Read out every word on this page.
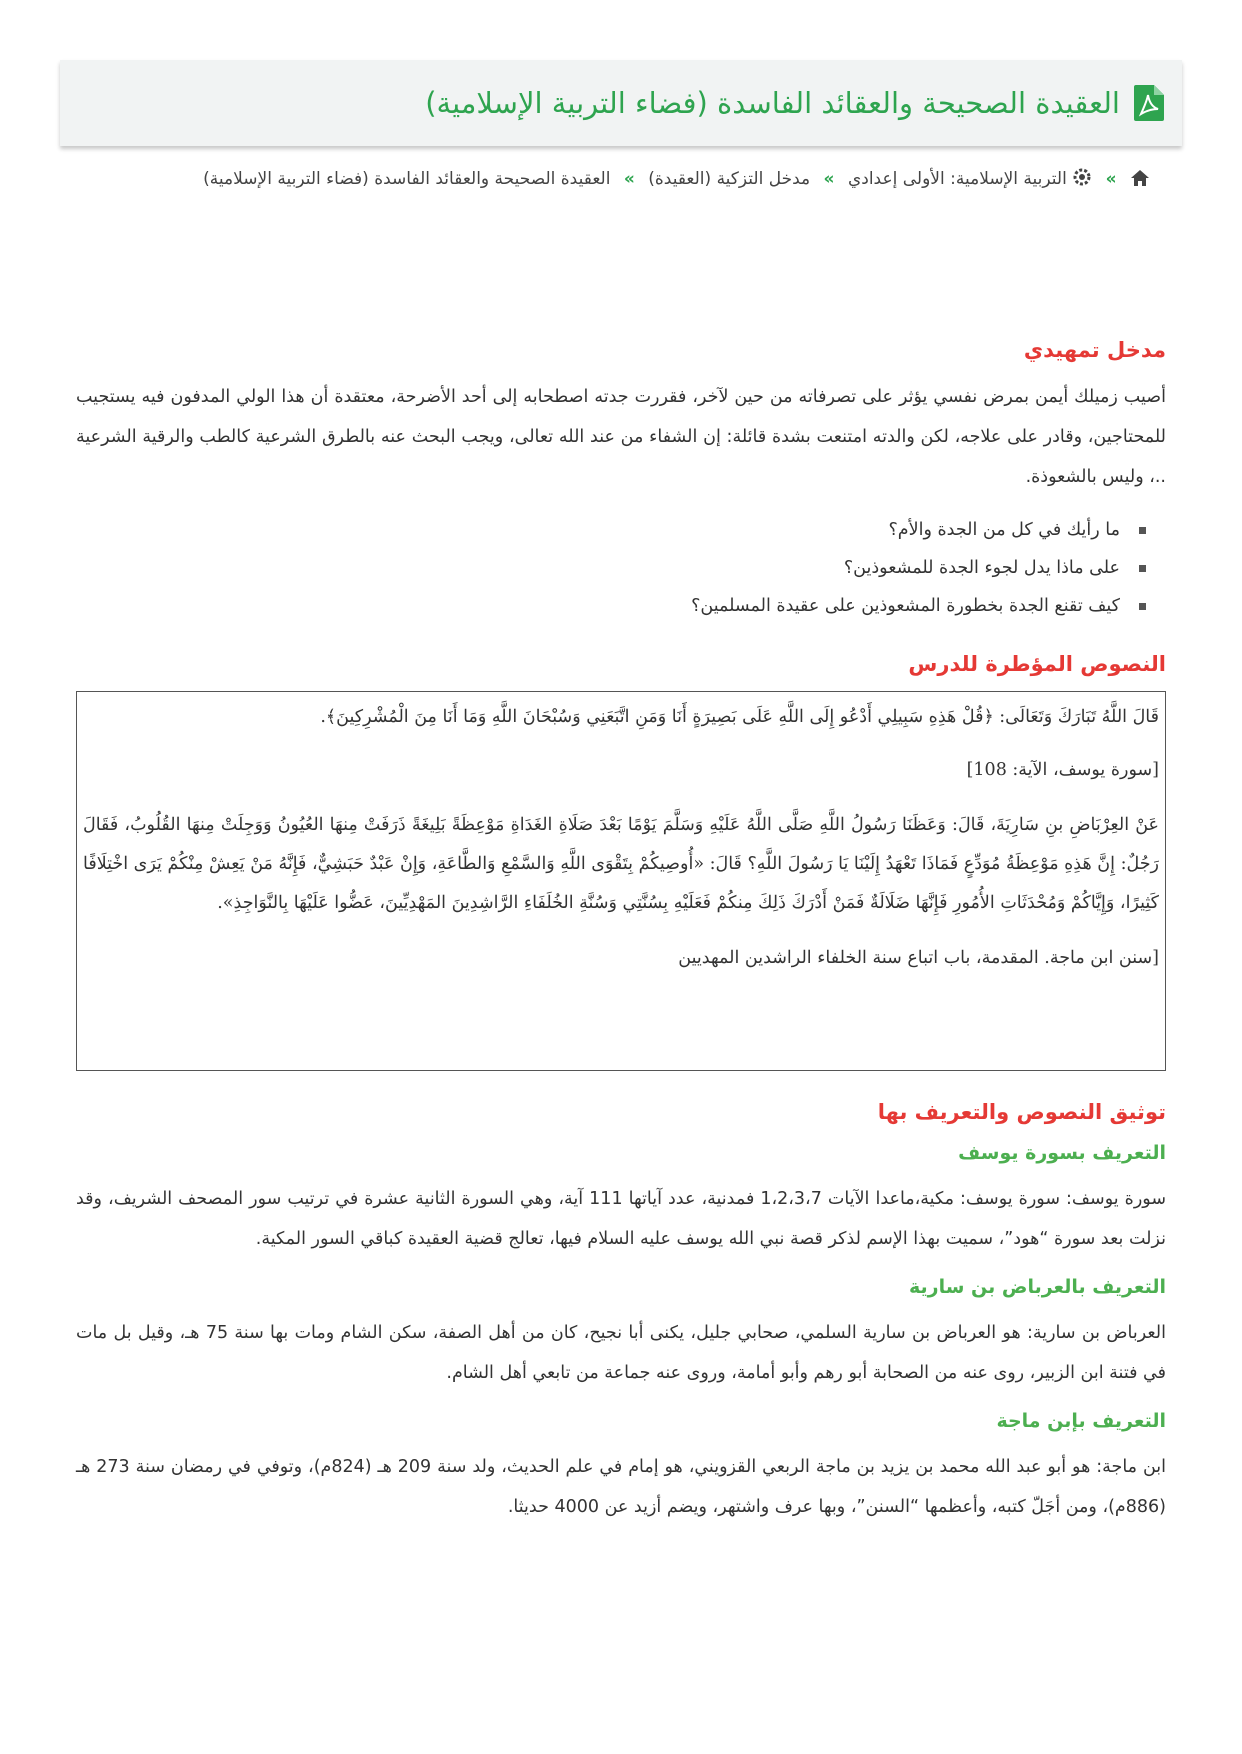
العقيدة الصحيحة والعقائد الفاسدة (فضاء التربية الإسلامية)
»  التربية الإسلامية: الأولى إعدادي » مدخل التزكية (العقيدة) » العقيدة الصحيحة والعقائد الفاسدة (فضاء التربية الإسلامية)
مدخل تمهيدي

أصيب زميلك أيمن بمرض نفسي يؤثر على تصرفاته من حين لآخر، فقررت جدته اصطحابه إلى أحد الأضرحة، معتقدة أن هذا الولي المدفون فيه يستجيب للمحتاجين، وقادر على علاجه، لكن والدته امتنعت بشدة قائلة: إن الشفاء من عند الله تعالى، ويجب البحث عنه بالطرق الشرعية كالطب والرقية الشرعية ..، وليس بالشعوذة.

ما رأيك في كل من الجدة والأم؟
على ماذا يدل لجوء الجدة للمشعوذين؟
كيف تقنع الجدة بخطورة المشعوذين على عقيدة المسلمين؟
النصوص المؤطرة للدرس

قَالَ اللَّهُ تَبَارَكَ وَتَعَالَى: ﴿قُلْ هَذِهِ سَبِيلِي أَدْعُو إِلَى اللَّهِ عَلَى بَصِيرَةٍ أَنَا وَمَنِ اتَّبَعَنِي وَسُبْحَانَ اللَّهِ وَمَا أَنَا مِنَ الْمُشْرِكِينَ﴾.

[سورة يوسف، الآية: 108]

عَنْ العِرْبَاضِ بنِ سَارِيَةَ، قَالَ: وَعَظَنَا رَسُولُ اللَّهِ صَلَّى اللَّهُ عَلَيْهِ وَسَلَّمَ يَوْمًا بَعْدَ صَلَاةِ الغَدَاةِ مَوْعِظَةً بَلِيغَةً ذَرَفَتْ مِنهَا العُيُونُ وَوَجِلَتْ مِنهَا القُلُوبُ، فَقَالَ رَجُلٌ: إِنَّ هَذِهِ مَوْعِظَةُ مُوَدِّعٍ فَمَاذَا تَعْهَدُ إِلَيْنَا يَا رَسُولَ اللَّهِ؟ قَالَ: «أُوصِيكُمْ بِتَقْوَى اللَّهِ وَالسَّمْعِ وَالطَّاعَةِ، وَإِنْ عَبْدٌ حَبَشِيٌّ، فَإِنَّهُ مَنْ يَعِشْ مِنْكُمْ يَرَى اخْتِلَافًا كَثِيرًا، وَإِيَّاكُمْ وَمُحْدَثَاتِ الأُمُورِ فَإِنَّهَا ضَلَالَةٌ فَمَنْ أَدْرَكَ ذَلِكَ مِنكُمْ فَعَلَيْهِ بِسُنَّتِي وَسُنَّةِ الخُلَفَاءِ الرَّاشِدِينَ المَهْدِيِّينَ، عَضُّوا عَلَيْهَا بِالنَّوَاجِذِ».

[سنن ابن ماجة. المقدمة، باب اتباع سنة الخلفاء الراشدين المهديين

توثيق النصوص والتعريف بها
التعريف بسورة يوسف

سورة يوسف: سورة يوسف: مكية،ماعدا الآيات 1،2،3،7 فمدنية، عدد آياتها 111 آية، وهي السورة الثانية عشرة في ترتيب سور المصحف الشريف، وقد نزلت بعد سورة “هود”، سميت بهذا الإسم لذكر قصة نبي الله يوسف عليه السلام فيها، تعالج قضية العقيدة كباقي السور المكية.

التعريف بالعرباض بن سارية

العرباض بن سارية: هو العرباض بن سارية السلمي، صحابي جليل، يكنى أبا نجيح، كان من أهل الصفة، سكن الشام ومات بها سنة 75 هـ، وقيل بل مات في فتنة ابن الزبير، روى عنه من الصحابة أبو رهم وأبو أمامة، وروى عنه جماعة من تابعي أهل الشام.

التعريف بإبن ماجة

ابن ماجة: هو أبو عبد الله محمد بن يزيد بن ماجة الربعي القزويني، هو إمام في علم الحديث، ولد سنة 209 هـ (824م)، وتوفي في رمضان سنة 273 هـ (886م)، ومن أجَلّ كتبه، وأعظمها “السنن”، وبها عرف واشتهر، ويضم أزيد عن 4000 حديثا.
